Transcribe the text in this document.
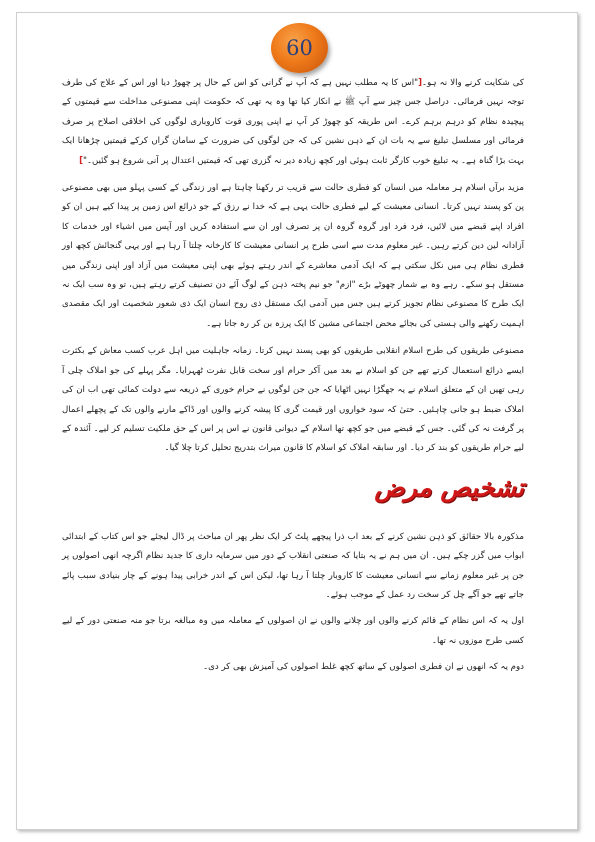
60

کی شکایت کرنے والا نہ ہو۔["اس کا یہ مطلب نہیں ہے کہ آپ نے گرانی کو اس کے حال پر چھوڑ دیا اور اس کے علاج کی طرف توجہ نہیں فرمائی۔ دراصل جس چیز سے آپ ﷺ نے انکار کیا تھا وہ یہ تھی کہ حکومت اپنی مصنوعی مداخلت سے قیمتوں کے پیچیدہ نظام کو درہم برہم کرے۔ اس طریقہ کو چھوڑ کر آپ نے اپنی پوری قوت کاروباری لوگوں کی اخلاقی اصلاح پر صرف فرمائی اور مسلسل تبلیغ سے یہ بات ان کے ذہن نشین کی کہ جن لوگوں کی ضرورت کے سامان گراں کرکے قیمتیں چڑھانا ایک بہت بڑا گناہ ہے۔ یہ تبلیغ خوب کارگر ثابت ہوئی اور کچھ زیادہ دیر نہ گزری تھی کہ قیمتیں اعتدال پر آنی شروع ہو گئیں۔"]

مزید برآں اسلام ہر معاملہ میں انسان کو فطری حالت سے قریب تر رکھنا چاہتا ہے اور زندگی کے کسی پہلو میں بھی مصنوعی پن کو پسند نہیں کرتا۔ انسانی معیشت کے لیے فطری حالت یہی ہے کہ خدا نے رزق کے جو ذرائع اس زمین پر پیدا کیے ہیں ان کو افراد اپنے قبضے میں لائیں، فرد فرد اور گروہ گروہ ان پر تصرف اور ان سے استفادہ کریں اور آپس میں اشیاء اور خدمات کا آزادانہ لین دین کرتے رہیں۔ غیر معلوم مدت سے اسی طرح پر انسانی معیشت کا کارخانہ چلتا آ رہا ہے اور یہی گنجائش کچھ اور فطری نظام ہی میں نکل سکتی ہے کہ ایک آدمی معاشرے کے اندر رہتے ہوئے بھی اپنی معیشت میں آزاد اور اپنی زندگی میں مستقل ہو سکے۔ رہے وہ بے شمار چھوٹے بڑے "ازم" جو نیم پختہ ذہن کے لوگ آئے دن تصنیف کرتے رہتے ہیں، تو وہ سب ایک نہ ایک طرح کا مصنوعی نظام تجویز کرتے ہیں جس میں آدمی ایک مستقل ذی روح انسان ایک ذی شعور شخصیت اور ایک مقصدی اہمیت رکھنے والی ہستی کی بجائے محض اجتماعی مشین کا ایک پرزہ بن کر رہ جاتا ہے۔

مصنوعی طریقوں کی طرح اسلام انقلابی طریقوں کو بھی پسند نہیں کرتا۔ زمانہ جاہلیت میں اہل عرب کسب معاش کے بکثرت ایسے ذرائع استعمال کرتے تھے جن کو اسلام نے بعد میں آکر حرام اور سخت قابل نفرت ٹھہرایا۔ مگر پہلے کی جو املاک چلی آ رہی تھیں ان کے متعلق اسلام نے یہ جھگڑا نہیں اٹھایا کہ جن جن لوگوں نے حرام خوری کے ذریعہ سے دولت کمائی تھی اب ان کی املاک ضبط ہو جانی چاہئیں۔ حتیٰ کہ سود خواروں اور قیمت گری کا پیشہ کرنے والوں اور ڈاکے مارنے والوں تک کے پچھلے اعمال پر گرفت نہ کی گئی۔ جس کے قبضے میں جو کچھ تھا اسلام کے دیوانی قانون نے اس پر اس کے حق ملکیت تسلیم کر لیے۔ آئندہ کے لیے حرام طریقوں کو بند کر دیا۔ اور سابقہ املاک کو اسلام کا قانون میراث بتدریج تحلیل کرتا چلا گیا۔

تشخیص مرض

مذکورہ بالا حقائق کو ذہن نشین کرنے کے بعد اب ذرا پیچھے پلٹ کر ایک نظر پھر ان مباحث پر ڈال لیجئے جو اس کتاب کے ابتدائی ابواب میں گزر چکے ہیں۔ ان میں ہم نے یہ بتایا کہ صنعتی انقلاب کے دور میں سرمایہ داری کا جدید نظام اگرچہ انھی اصولوں پر جن پر غیر معلوم زمانے سے انسانی معیشت کا کاروبار چلتا آ رہا تھا، لیکن اس کے اندر خرابی پیدا ہونے کے چار بنیادی سبب پائے جاتے تھے جو آگے چل کر سخت رد عمل کے موجب ہوئے۔

اول یہ کہ اس نظام کے قائم کرنے والوں اور چلانے والوں نے ان اصولوں کے معاملہ میں وہ مبالغہ برتا جو منہ صنعتی دور کے لیے کسی طرح موزوں نہ تھا۔

دوم یہ کہ انھوں نے ان فطری اصولوں کے ساتھ کچھ غلط اصولوں کی آمیزش بھی کر دی۔
